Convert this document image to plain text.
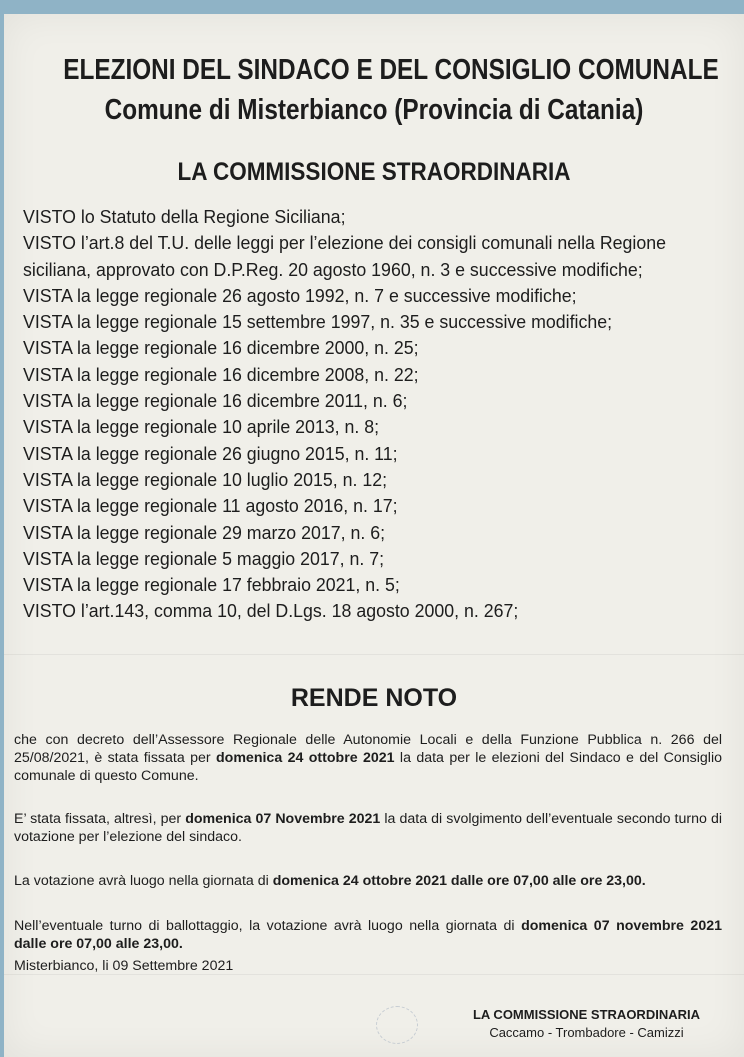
ELEZIONI DEL SINDACO E DEL CONSIGLIO COMUNALE
Comune di Misterbianco (Provincia di Catania)
LA COMMISSIONE STRAORDINARIA
VISTO lo Statuto della Regione Siciliana;
VISTO l’art.8 del T.U. delle leggi per l’elezione dei consigli comunali nella Regione
siciliana, approvato con D.P.Reg. 20 agosto 1960, n. 3 e successive modifiche;
VISTA la legge regionale 26 agosto 1992, n. 7 e successive modifiche;
VISTA la legge regionale 15 settembre 1997, n. 35 e successive modifiche;
VISTA la legge regionale 16 dicembre 2000, n. 25;
VISTA la legge regionale 16 dicembre 2008, n. 22;
VISTA la legge regionale 16 dicembre 2011, n. 6;
VISTA la legge regionale 10 aprile 2013, n. 8;
VISTA la legge regionale 26 giugno 2015, n. 11;
VISTA la legge regionale 10 luglio 2015, n. 12;
VISTA la legge regionale 11 agosto 2016, n. 17;
VISTA la legge regionale 29 marzo 2017, n. 6;
VISTA la legge regionale 5 maggio 2017, n. 7;
VISTA la legge regionale 17 febbraio 2021, n. 5;
VISTO l’art.143, comma 10, del D.Lgs. 18 agosto 2000, n. 267;
RENDE NOTO
che con decreto dell’Assessore Regionale delle Autonomie Locali e della Funzione Pubblica n. 266 del 25/08/2021, è stata fissata per domenica 24 ottobre 2021 la data per le elezioni del Sindaco e del Consiglio comunale di questo Comune.
E’ stata fissata, altresì, per domenica 07 Novembre 2021 la data di svolgimento dell’eventuale secondo turno di votazione per l’elezione del sindaco.
La votazione avrà luogo nella giornata di domenica 24 ottobre 2021 dalle ore 07,00 alle ore 23,00.
Nell’eventuale turno di ballottaggio, la votazione avrà luogo nella giornata di domenica 07 novembre 2021 dalle ore 07,00 alle 23,00.
Misterbianco, li 09 Settembre 2021
LA COMMISSIONE STRAORDINARIA
Caccamo - Trombadore - Camizzi
